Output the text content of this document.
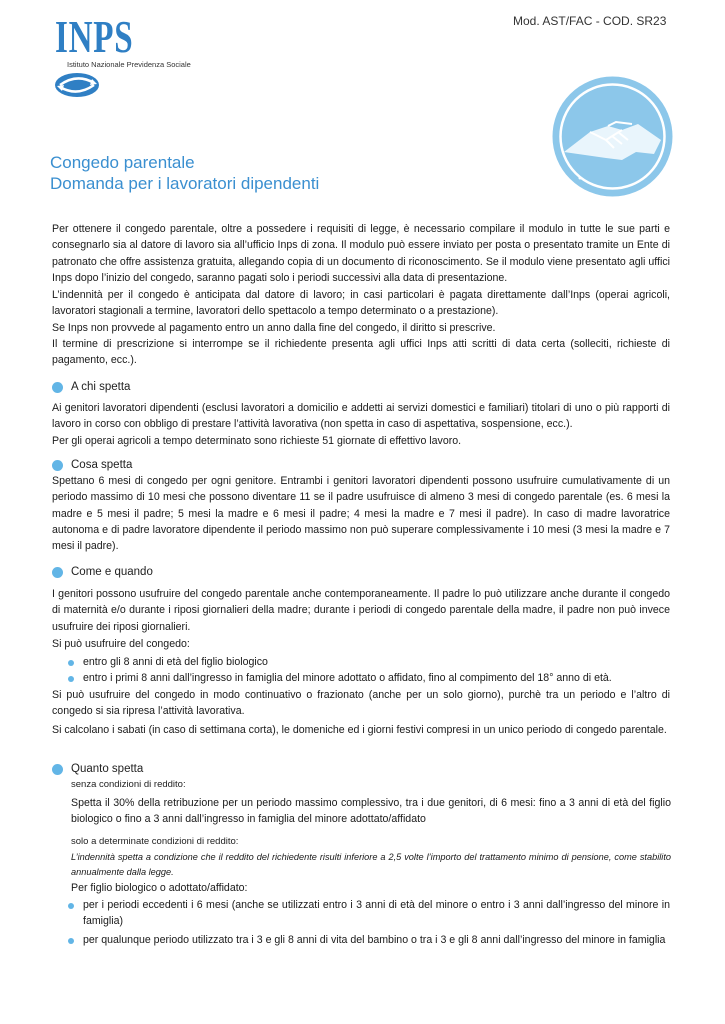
INPS
Istituto Nazionale Previdenza Sociale
Mod. AST/FAC - COD. SR23
Congedo parentale
Domanda per i lavoratori dipendenti

Per ottenere il congedo parentale, oltre a possedere i requisiti di legge, è necessario compilare il modulo in tutte le sue parti e consegnarlo sia al datore di lavoro sia all’ufficio Inps di zona. Il modulo può essere inviato per posta o presentato tramite un Ente di patronato che offre assistenza gratuita, allegando copia di un documento di riconoscimento. Se il modulo viene presentato agli uffici Inps dopo l’inizio del congedo, saranno pagati solo i periodi successivi alla data di presentazione.

L’indennità per il congedo è anticipata dal datore di lavoro; in casi particolari è pagata direttamente dall’Inps (operai agricoli, lavoratori stagionali a termine, lavoratori dello spettacolo a tempo determinato o a prestazione).

Se Inps non provvede al pagamento entro un anno dalla fine del congedo, il diritto si prescrive.

Il termine di prescrizione si interrompe se il richiedente presenta agli uffici Inps atti scritti di data certa (solleciti, richieste di pagamento, ecc.).

A chi spetta

Ai genitori lavoratori dipendenti (esclusi lavoratori a domicilio e addetti ai servizi domestici e familiari) titolari di uno o più rapporti di lavoro in corso con obbligo di prestare l’attività lavorativa (non spetta in caso di aspettativa, sospensione, ecc.).

Per gli operai agricoli a tempo determinato sono richieste 51 giornate di effettivo lavoro.

Cosa spetta

Spettano 6 mesi di congedo per ogni genitore. Entrambi i genitori lavoratori dipendenti possono usufruire cumulativamente di un periodo massimo di 10 mesi che possono diventare 11 se il padre usufruisce di almeno 3 mesi di congedo parentale (es. 6 mesi la madre e 5 mesi il padre; 5 mesi la madre e 6 mesi il padre; 4 mesi la madre e 7 mesi il padre). In caso di madre lavoratrice autonoma e di padre lavoratore dipendente il periodo massimo non può superare complessivamente i 10 mesi (3 mesi la madre e 7 mesi il padre).

Come e quando

I genitori possono usufruire del congedo parentale anche contemporaneamente. Il padre lo può utilizzare anche durante il congedo di maternità e/o durante i riposi giornalieri della madre; durante i periodi di congedo parentale della madre, il padre non può invece usufruire dei riposi giornalieri.

Si può usufruire del congedo:

entro gli 8 anni di età del figlio biologico
entro i primi 8 anni dall’ingresso in famiglia del minore adottato o affidato, fino al compimento del 18° anno di età.

Si può usufruire del congedo in modo continuativo o frazionato (anche per un solo giorno), purchè tra un periodo e l’altro di congedo si sia ripresa l’attività lavorativa.

Si calcolano i sabati (in caso di settimana corta), le domeniche ed i giorni festivi compresi in un unico periodo di congedo parentale.

Quanto spetta
senza condizioni di reddito:

Spetta il 30% della retribuzione per un periodo massimo complessivo, tra i due genitori, di 6 mesi: fino a 3 anni di età del figlio biologico o fino a 3 anni dall’ingresso in famiglia del minore adottato/affidato

solo a determinate condizioni di reddito:

L’indennità spetta a condizione che il reddito del richiedente risulti inferiore a 2,5 volte l’importo del trattamento minimo di pensione, come stabilito annualmente dalla legge.

Per figlio biologico o adottato/affidato:

per i periodi eccedenti i 6 mesi (anche se utilizzati entro i 3 anni di età del minore o entro i 3 anni dall’ingresso del minore in famiglia)
per qualunque periodo utilizzato tra i 3 e gli 8 anni di vita del bambino o tra i 3 e gli 8 anni dall’ingresso del minore in famiglia
